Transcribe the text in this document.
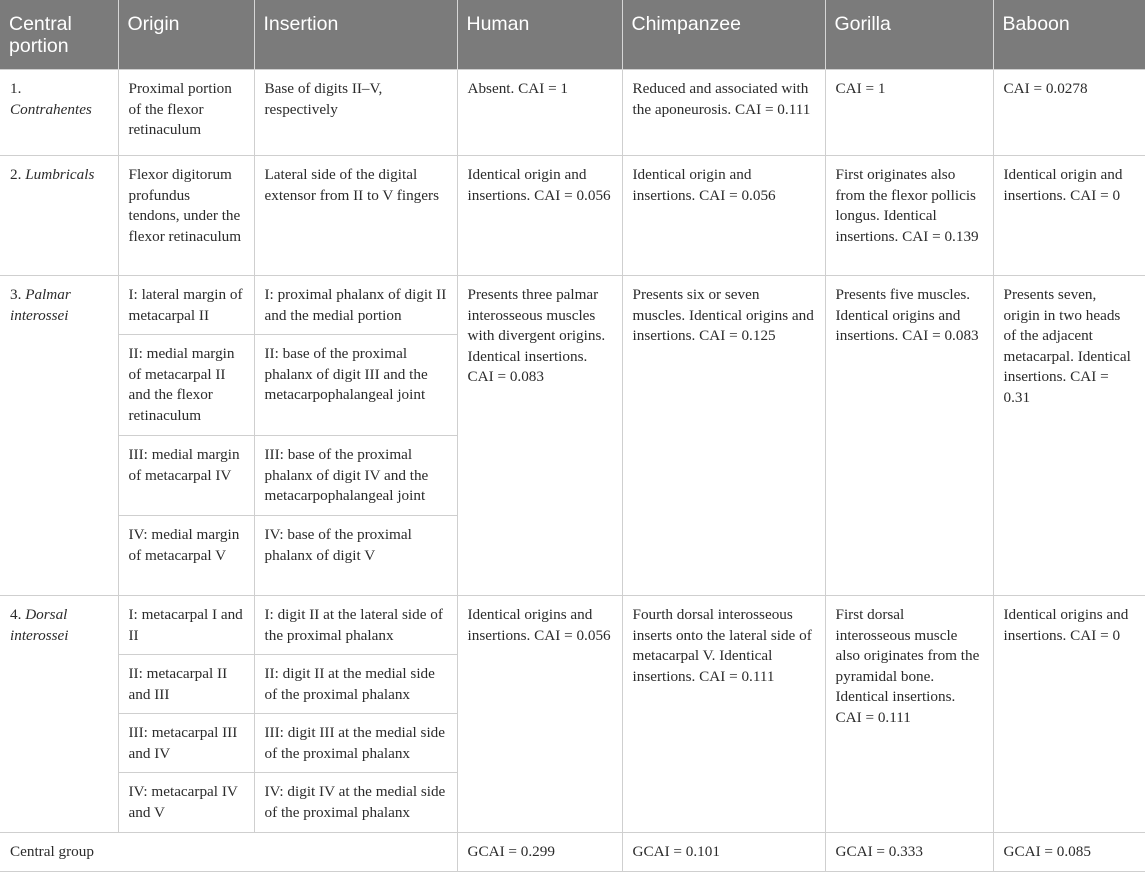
Central portion	Origin	Insertion	Human	Chimpanzee	Gorilla	Baboon
1.
Contrahentes	Proximal portion of the flexor retinaculum	Base of digits II–V, respectively	Absent. CAI = 1	Reduced and associated with the aponeurosis. CAI = 0.111	CAI = 1	CAI = 0.0278
2. Lumbricals	Flexor digitorum profundus tendons, under the flexor retinaculum	Lateral side of the digital extensor from II to V fingers	Identical origin and insertions. CAI = 0.056	Identical origin and insertions. CAI = 0.056	First originates also from the flexor pollicis longus. Identical insertions. CAI = 0.139	Identical origin and insertions. CAI = 0
3. Palmar interossei	I: lateral margin of metacarpal II	I: proximal phalanx of digit II and the medial portion	Presents three palmar interosseous muscles with divergent origins. Identical insertions. CAI = 0.083	Presents six or seven muscles. Identical origins and insertions. CAI = 0.125	Presents five muscles. Identical origins and insertions. CAI = 0.083	Presents seven, origin in two heads of the adjacent metacarpal. Identical insertions. CAI = 0.31
	II: medial margin of metacarpal II and the flexor retinaculum	II: base of the proximal phalanx of digit III and the metacarpophalangeal joint				
	III: medial margin of metacarpal IV	III: base of the proximal phalanx of digit IV and the metacarpophalangeal joint				
	IV: medial margin of metacarpal V	IV: base of the proximal phalanx of digit V				
4. Dorsal interossei	I: metacarpal I and II	I: digit II at the lateral side of the proximal phalanx	Identical origins and insertions. CAI = 0.056	Fourth dorsal interosseous inserts onto the lateral side of metacarpal V. Identical insertions. CAI = 0.111	First dorsal interosseous muscle also originates from the pyramidal bone. Identical insertions. CAI = 0.111	Identical origins and insertions. CAI = 0
	II: metacarpal II and III	II: digit II at the medial side of the proximal phalanx				
	III: metacarpal III and IV	III: digit III at the medial side of the proximal phalanx				
	IV: metacarpal IV and V	IV: digit IV at the medial side of the proximal phalanx				
Central group			GCAI = 0.299	GCAI = 0.101	GCAI = 0.333	GCAI = 0.085
